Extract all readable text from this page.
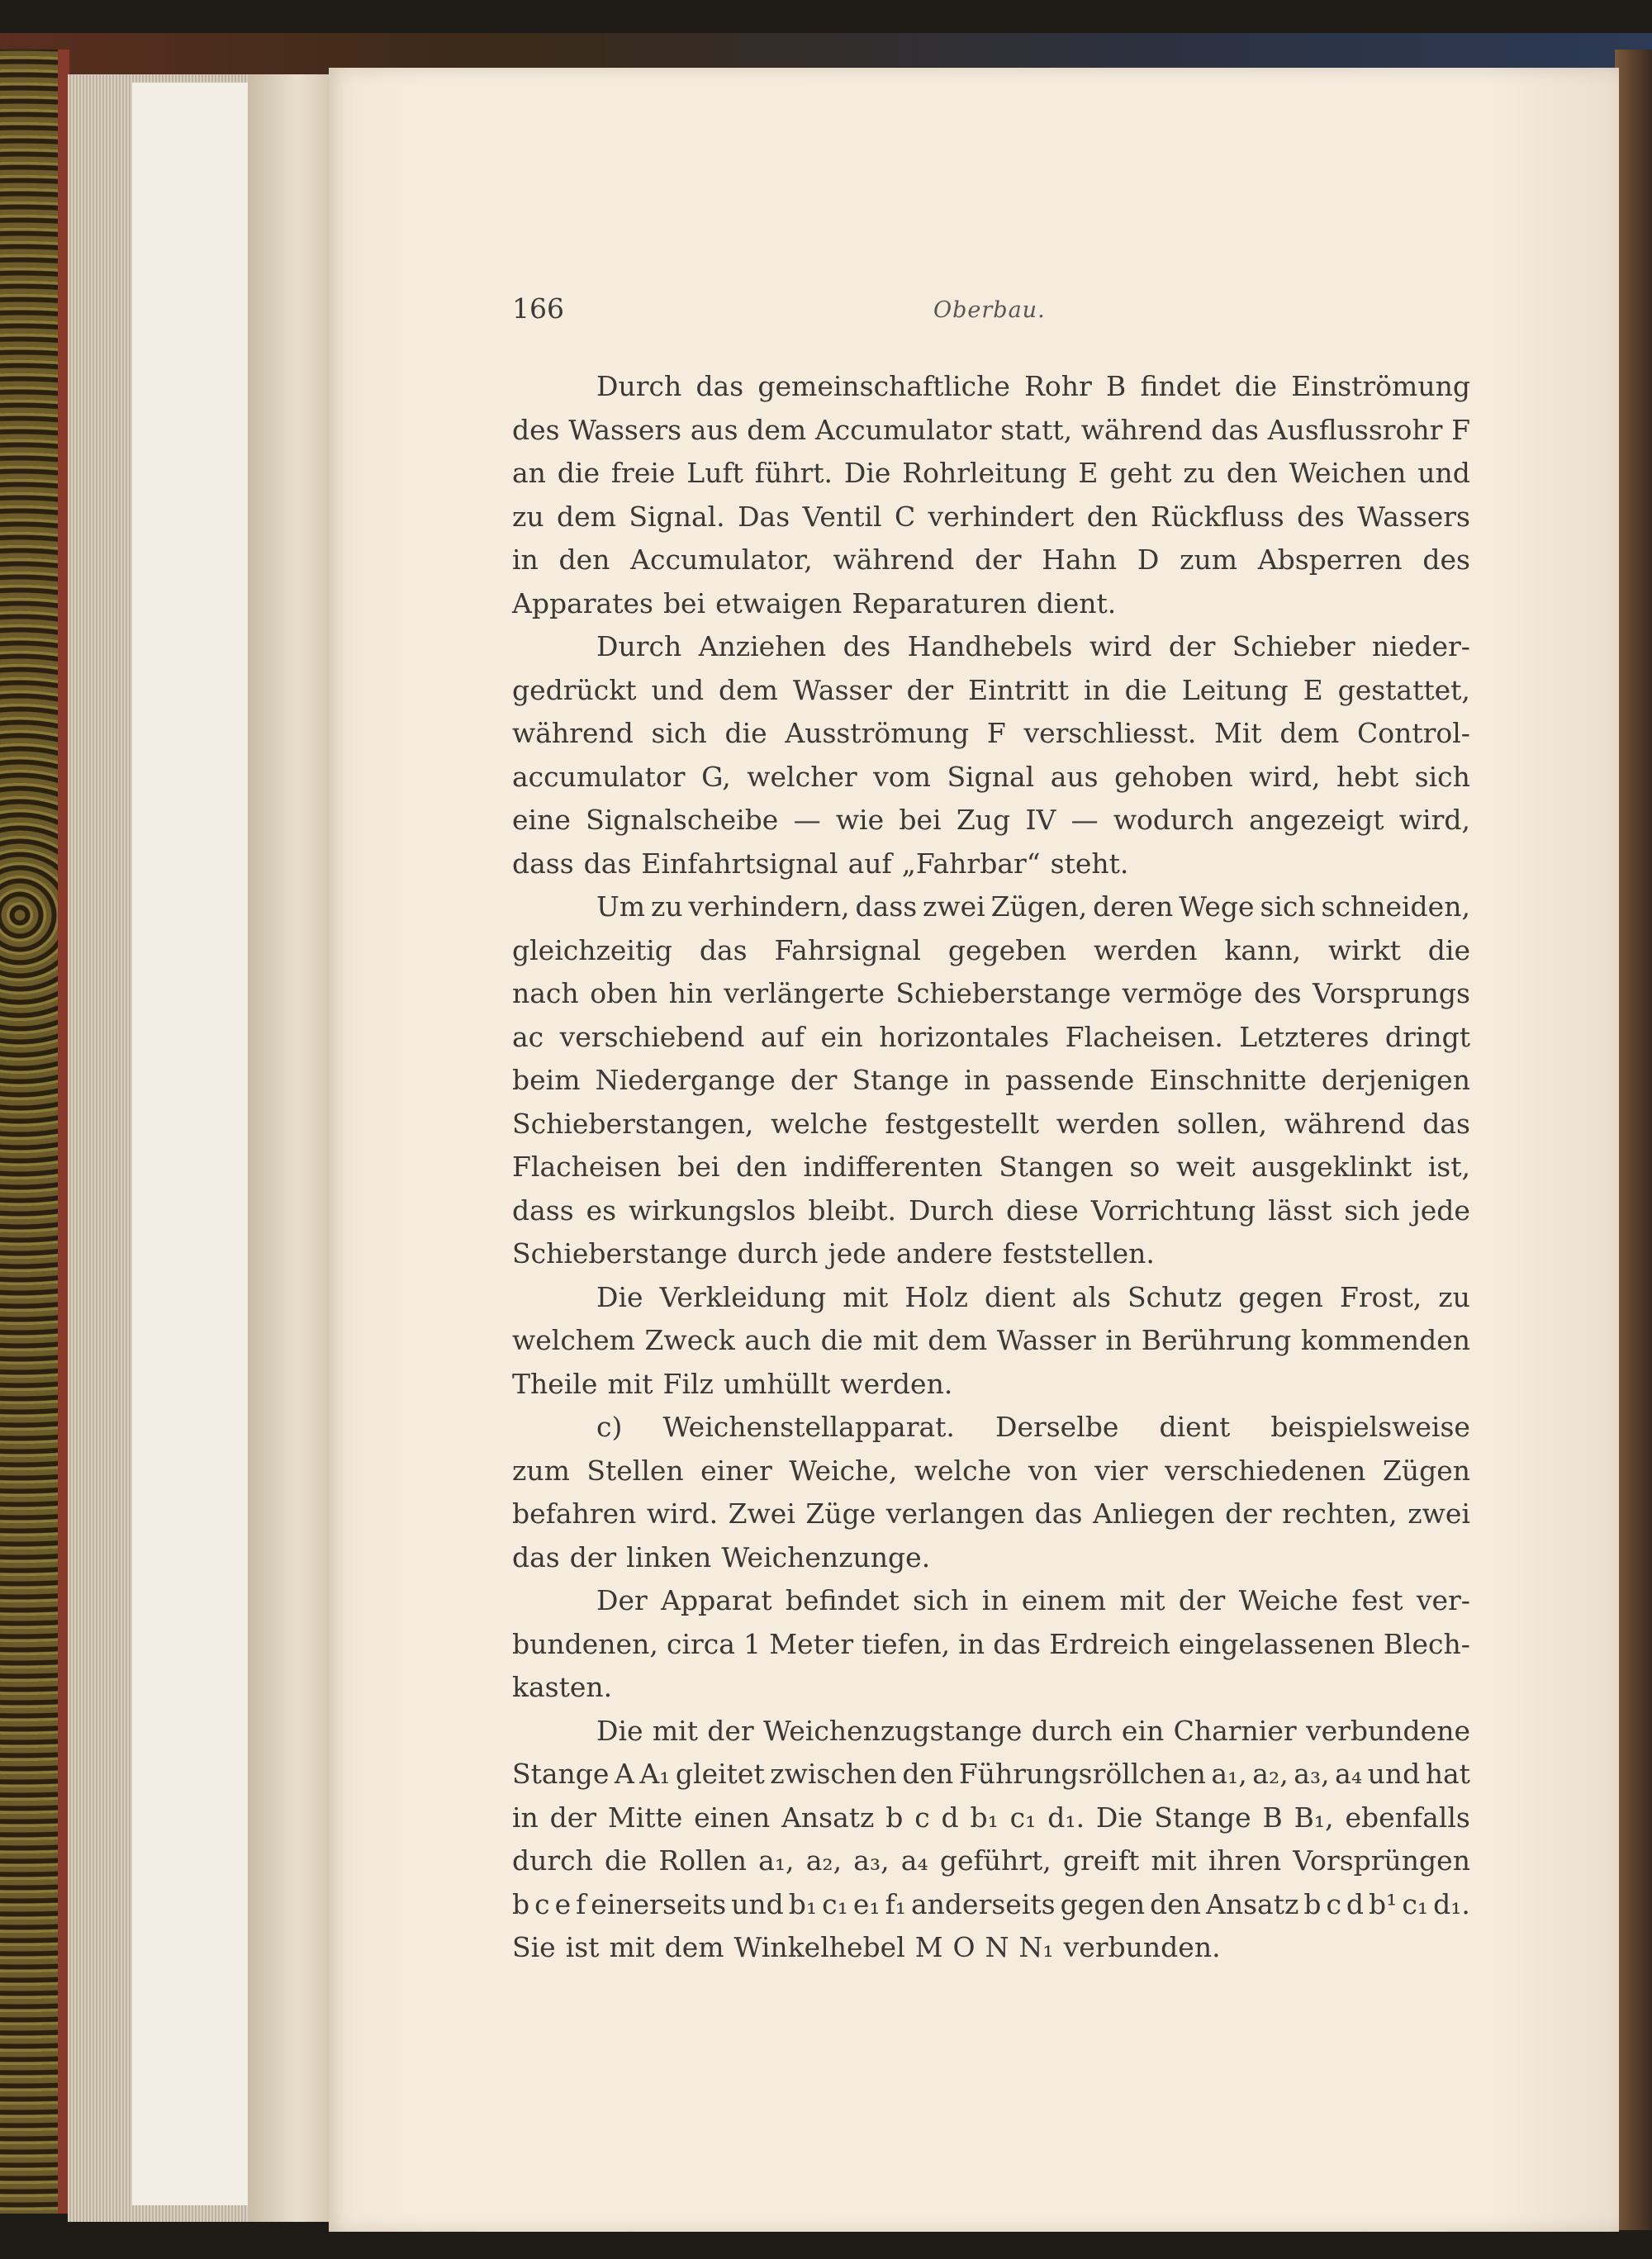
166	Oberbau.
Durch das gemeinschaftliche Rohr B findet die Einströmung
des Wassers aus dem Accumulator statt, während das Ausflussrohr F
an die freie Luft führt. Die Rohrleitung E geht zu den Weichen und
zu dem Signal. Das Ventil C verhindert den Rückfluss des Wassers
in den Accumulator, während der Hahn D zum Absperren des
Apparates bei etwaigen Reparaturen dient.
Durch Anziehen des Handhebels wird der Schieber nieder-
gedrückt und dem Wasser der Eintritt in die Leitung E gestattet,
während sich die Ausströmung F verschliesst. Mit dem Control-
accumulator G, welcher vom Signal aus gehoben wird, hebt sich
eine Signalscheibe — wie bei Zug IV — wodurch angezeigt wird,
dass das Einfahrtsignal auf „Fahrbar“ steht.
Um zu verhindern, dass zwei Zügen, deren Wege sich schneiden,
gleichzeitig das Fahrsignal gegeben werden kann, wirkt die
nach oben hin verlängerte Schieberstange vermöge des Vorsprungs
ac verschiebend auf ein horizontales Flacheisen. Letzteres dringt
beim Niedergange der Stange in passende Einschnitte derjenigen
Schieberstangen, welche festgestellt werden sollen, während das
Flacheisen bei den indifferenten Stangen so weit ausgeklinkt ist,
dass es wirkungslos bleibt. Durch diese Vorrichtung lässt sich jede
Schieberstange durch jede andere feststellen.
Die Verkleidung mit Holz dient als Schutz gegen Frost, zu
welchem Zweck auch die mit dem Wasser in Berührung kommenden
Theile mit Filz umhüllt werden.
c) Weichenstellapparat. Derselbe dient beispielsweise
zum Stellen einer Weiche, welche von vier verschiedenen Zügen
befahren wird. Zwei Züge verlangen das Anliegen der rechten, zwei
das der linken Weichenzunge.
Der Apparat befindet sich in einem mit der Weiche fest ver-
bundenen, circa 1 Meter tiefen, in das Erdreich eingelassenen Blech-
kasten.
Die mit der Weichenzugstange durch ein Charnier verbundene
Stange A A₁ gleitet zwischen den Führungsröllchen a₁, a₂, a₃, a₄ und hat
in der Mitte einen Ansatz b c d b₁ c₁ d₁. Die Stange B B₁, ebenfalls
durch die Rollen a₁, a₂, a₃, a₄ geführt, greift mit ihren Vorsprüngen
b c e f einerseits und b₁ c₁ e₁ f₁ anderseits gegen den Ansatz b c d b¹ c₁ d₁.
Sie ist mit dem Winkelhebel M O N N₁ verbunden.
